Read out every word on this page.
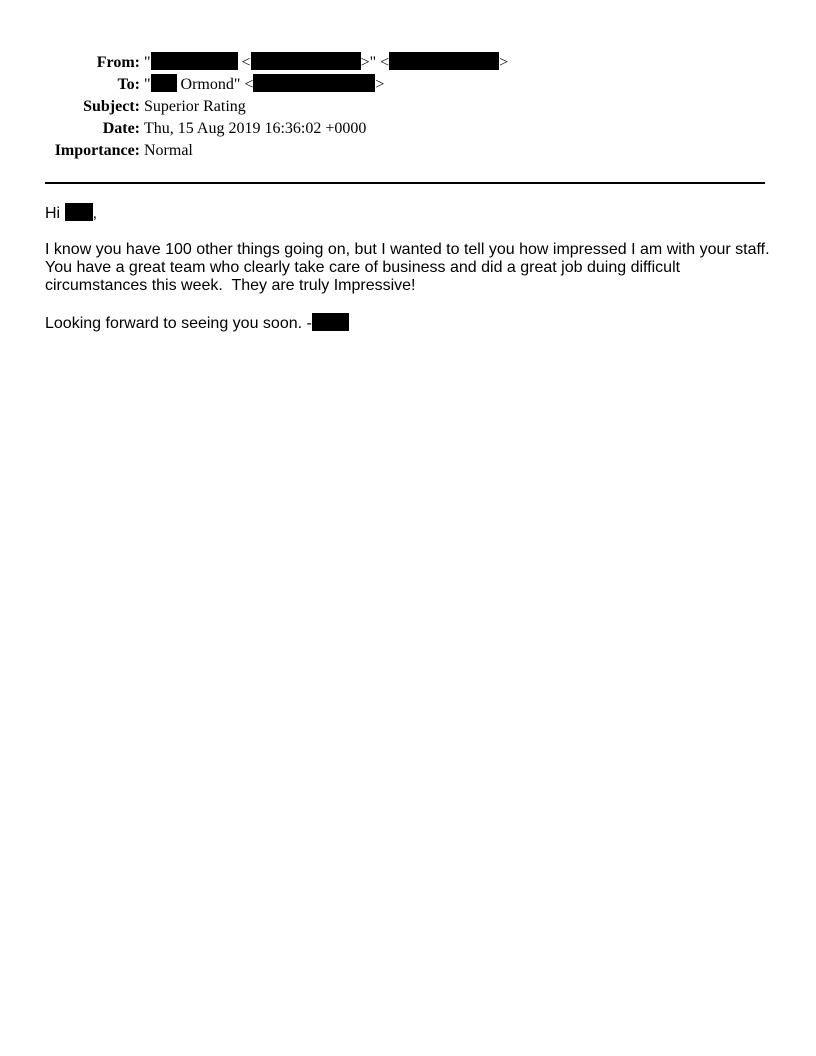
From: "	<	>" <	>
To: " Ormond" <	>
Subject: Superior Rating
Date: Thu, 15 Aug 2019 16:36:02 +0000
Importance: Normal
Hi ,
I know you have 100 other things going on, but I wanted to tell you how impressed I am with your staff.
You have a great team who clearly take care of business and did a great job duing difficult
circumstances this week.  They are truly Impressive!
Looking forward to seeing you soon. -
